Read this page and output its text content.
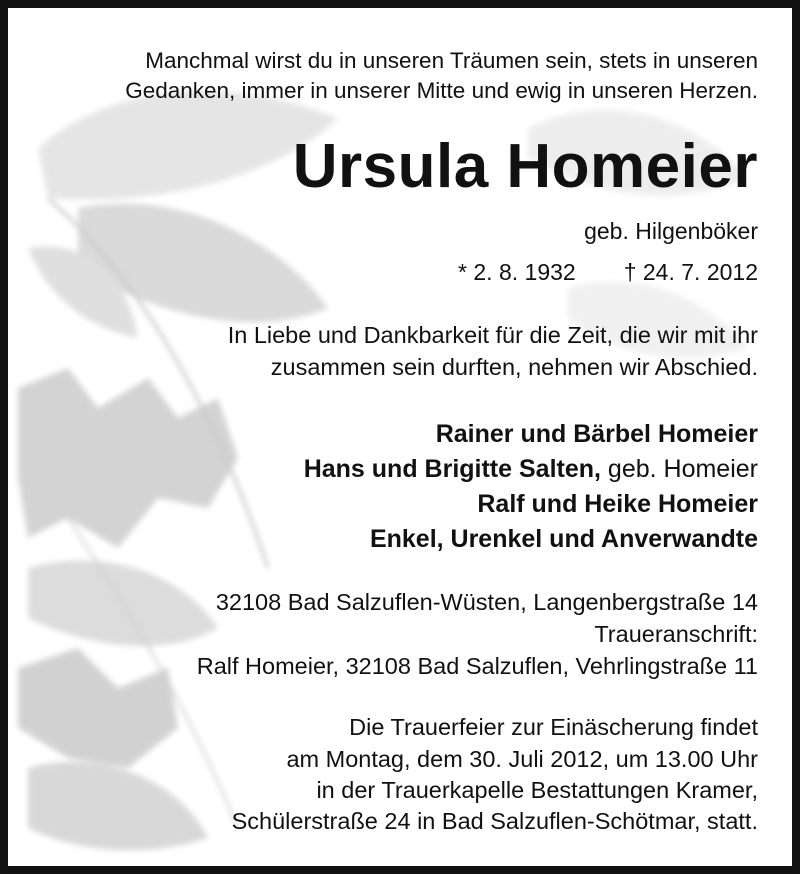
Manchmal wirst du in unseren Träumen sein, stets in unseren
Gedanken, immer in unserer Mitte und ewig in unseren Herzen.
Ursula Homeier
geb. Hilgenböker
* 2. 8. 1932 † 24. 7. 2012
In Liebe und Dankbarkeit für die Zeit, die wir mit ihr
zusammen sein durften, nehmen wir Abschied.
Rainer und Bärbel Homeier
Hans und Brigitte Salten, geb. Homeier
Ralf und Heike Homeier
Enkel, Urenkel und Anverwandte
32108 Bad Salzuflen-Wüsten, Langenbergstraße 14
Traueranschrift:
Ralf Homeier, 32108 Bad Salzuflen, Vehrlingstraße 11
Die Trauerfeier zur Einäscherung findet
am Montag, dem 30. Juli 2012, um 13.00 Uhr
in der Trauerkapelle Bestattungen Kramer,
Schülerstraße 24 in Bad Salzuflen-Schötmar, statt.
